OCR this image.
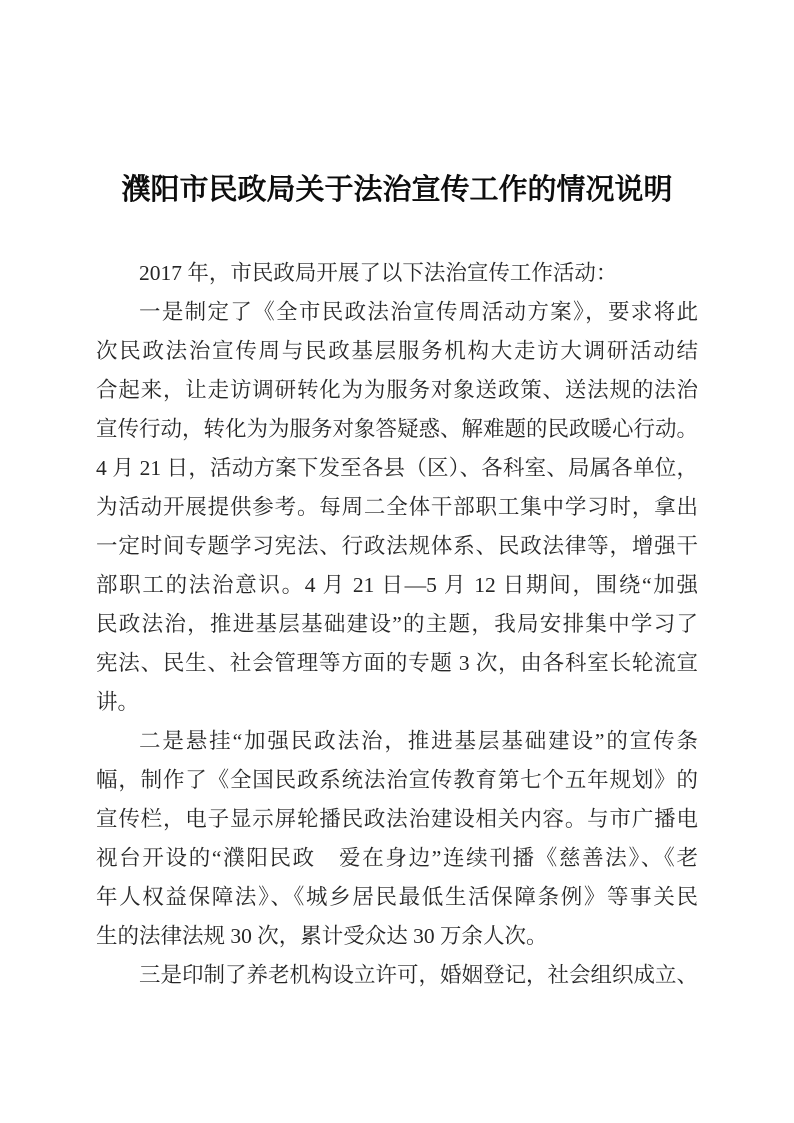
濮阳市民政局关于法治宣传工作的情况说明
2017 年，市民政局开展了以下法治宣传工作活动：
一是制定了《全市民政法治宣传周活动方案》，要求将此
次民政法治宣传周与民政基层服务机构大走访大调研活动结
合起来，让走访调研转化为为服务对象送政策、送法规的法治
宣传行动，转化为为服务对象答疑惑、解难题的民政暖心行动。
4 月 21 日，活动方案下发至各县（区）、各科室、局属各单位，
为活动开展提供参考。每周二全体干部职工集中学习时，拿出
一定时间专题学习宪法、行政法规体系、民政法律等，增强干
部职工的法治意识。4 月 21 日—5 月 12 日期间，围绕“加强
民政法治，推进基层基础建设”的主题，我局安排集中学习了
宪法、民生、社会管理等方面的专题 3 次，由各科室长轮流宣
讲。
二是悬挂“加强民政法治，推进基层基础建设”的宣传条
幅，制作了《全国民政系统法治宣传教育第七个五年规划》的
宣传栏，电子显示屏轮播民政法治建设相关内容。与市广播电
视台开设的“濮阳民政　爱在身边”连续刊播《慈善法》、《老
年人权益保障法》、《城乡居民最低生活保障条例》等事关民
生的法律法规 30 次，累计受众达 30 万余人次。
三是印制了养老机构设立许可，婚姻登记，社会组织成立、
